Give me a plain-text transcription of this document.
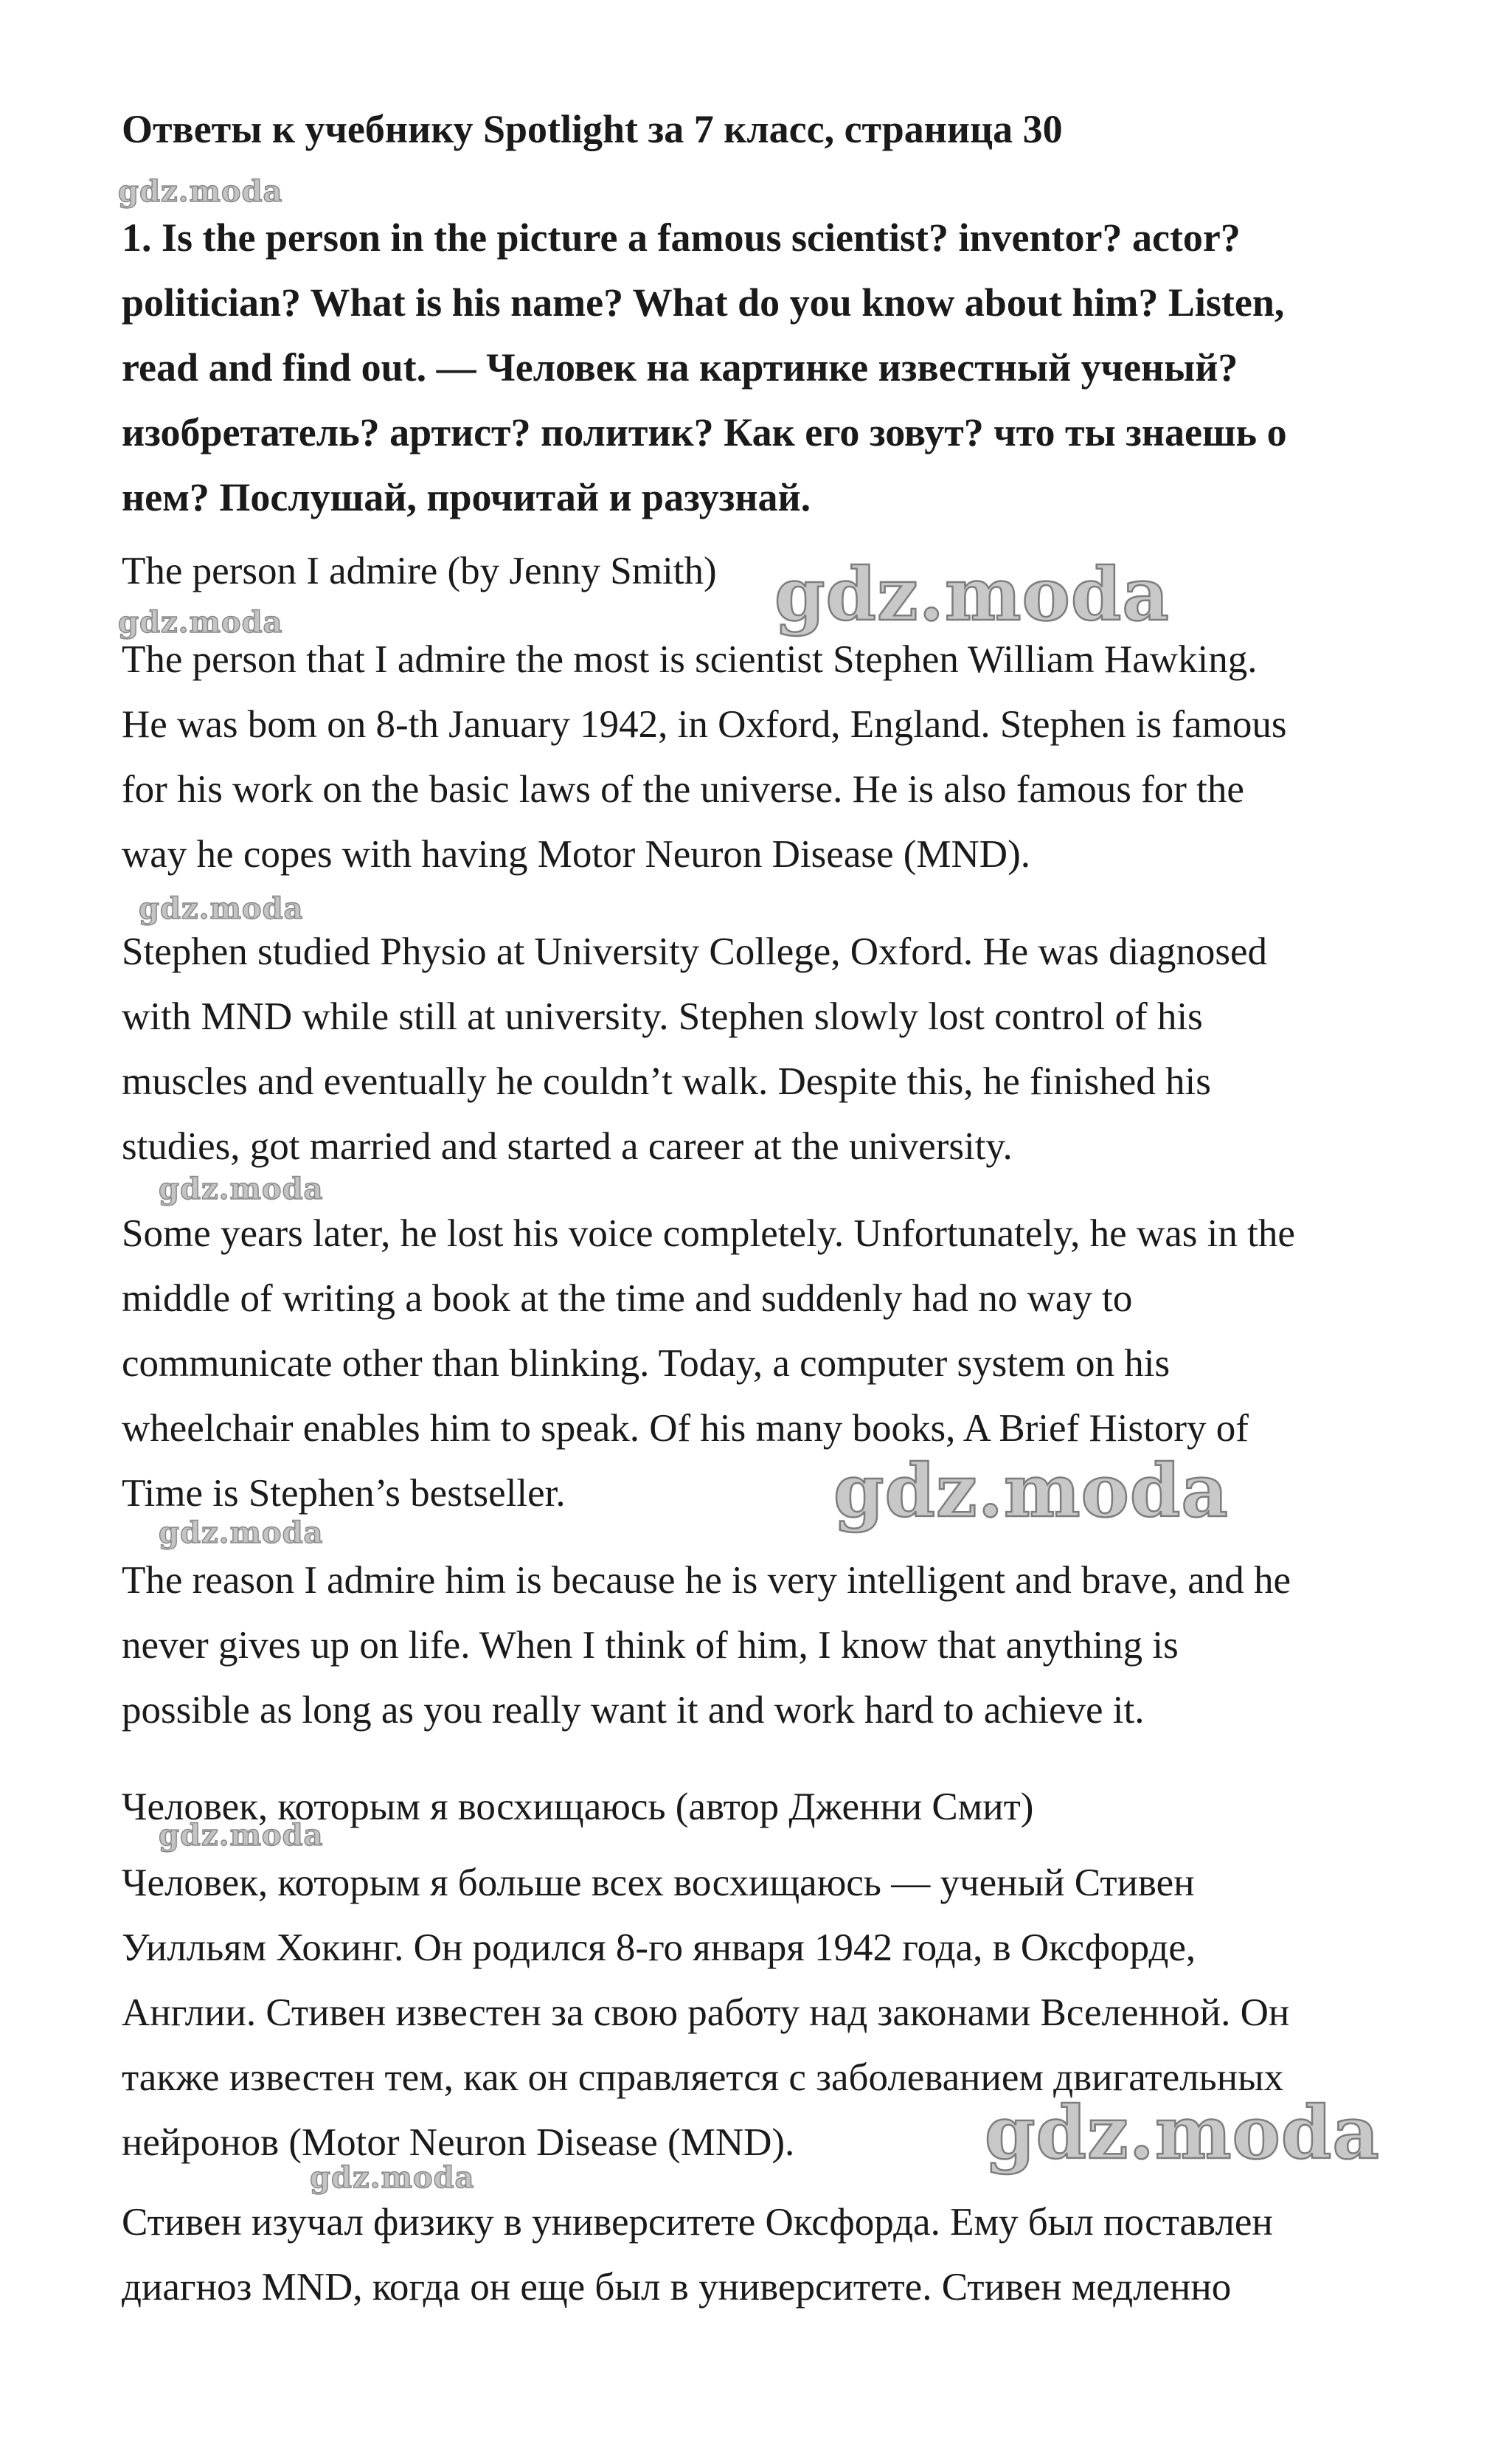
Ответы к учебнику Spotlight за 7 класс, страница 30
gdz.moda
1. Is the person in the picture a famous scientist? inventor? actor?
politician? What is his name? What do you know about him? Listen,
read and find out. — Человек на картинке известный ученый?
изобретатель? артист? политик? Как его зовут? что ты знаешь о
нем? Послушай, прочитай и разузнай.
The person I admire (by Jenny Smith) gdz.moda
gdz.moda
The person that I admire the most is scientist Stephen William Hawking.
He was bom on 8-th January 1942, in Oxford, England. Stephen is famous
for his work on the basic laws of the universe. He is also famous for the
way he copes with having Motor Neuron Disease (MND).
gdz.moda
Stephen studied Physio at University College, Oxford. He was diagnosed
with MND while still at university. Stephen slowly lost control of his
muscles and eventually he couldn’t walk. Despite this, he finished his
studies, got married and started a career at the university.
gdz.moda
Some years later, he lost his voice completely. Unfortunately, he was in the
middle of writing a book at the time and suddenly had no way to
communicate other than blinking. Today, a computer system on his
wheelchair enables him to speak. Of his many books, A Brief History of
Time is Stephen’s bestseller.	gdz.moda
gdz.moda
The reason I admire him is because he is very intelligent and brave, and he
never gives up on life. When I think of him, I know that anything is
possible as long as you really want it and work hard to achieve it.
Человек, которым я восхищаюсь (автор Дженни Смит)
gdz.moda
Человек, которым я больше всех восхищаюсь — ученый Стивен
Уилльям Хокинг. Он родился 8-го января 1942 года, в Оксфорде,
Англии. Стивен известен за свою работу над законами Вселенной. Он
также известен тем, как он справляется с заболеванием двигательных
нейронов (Motor Neuron Disease (MND).	gdz.moda
gdz.moda
Стивен изучал физику в университете Оксфорда. Ему был поставлен
диагноз MND, когда он еще был в университете. Стивен медленно
